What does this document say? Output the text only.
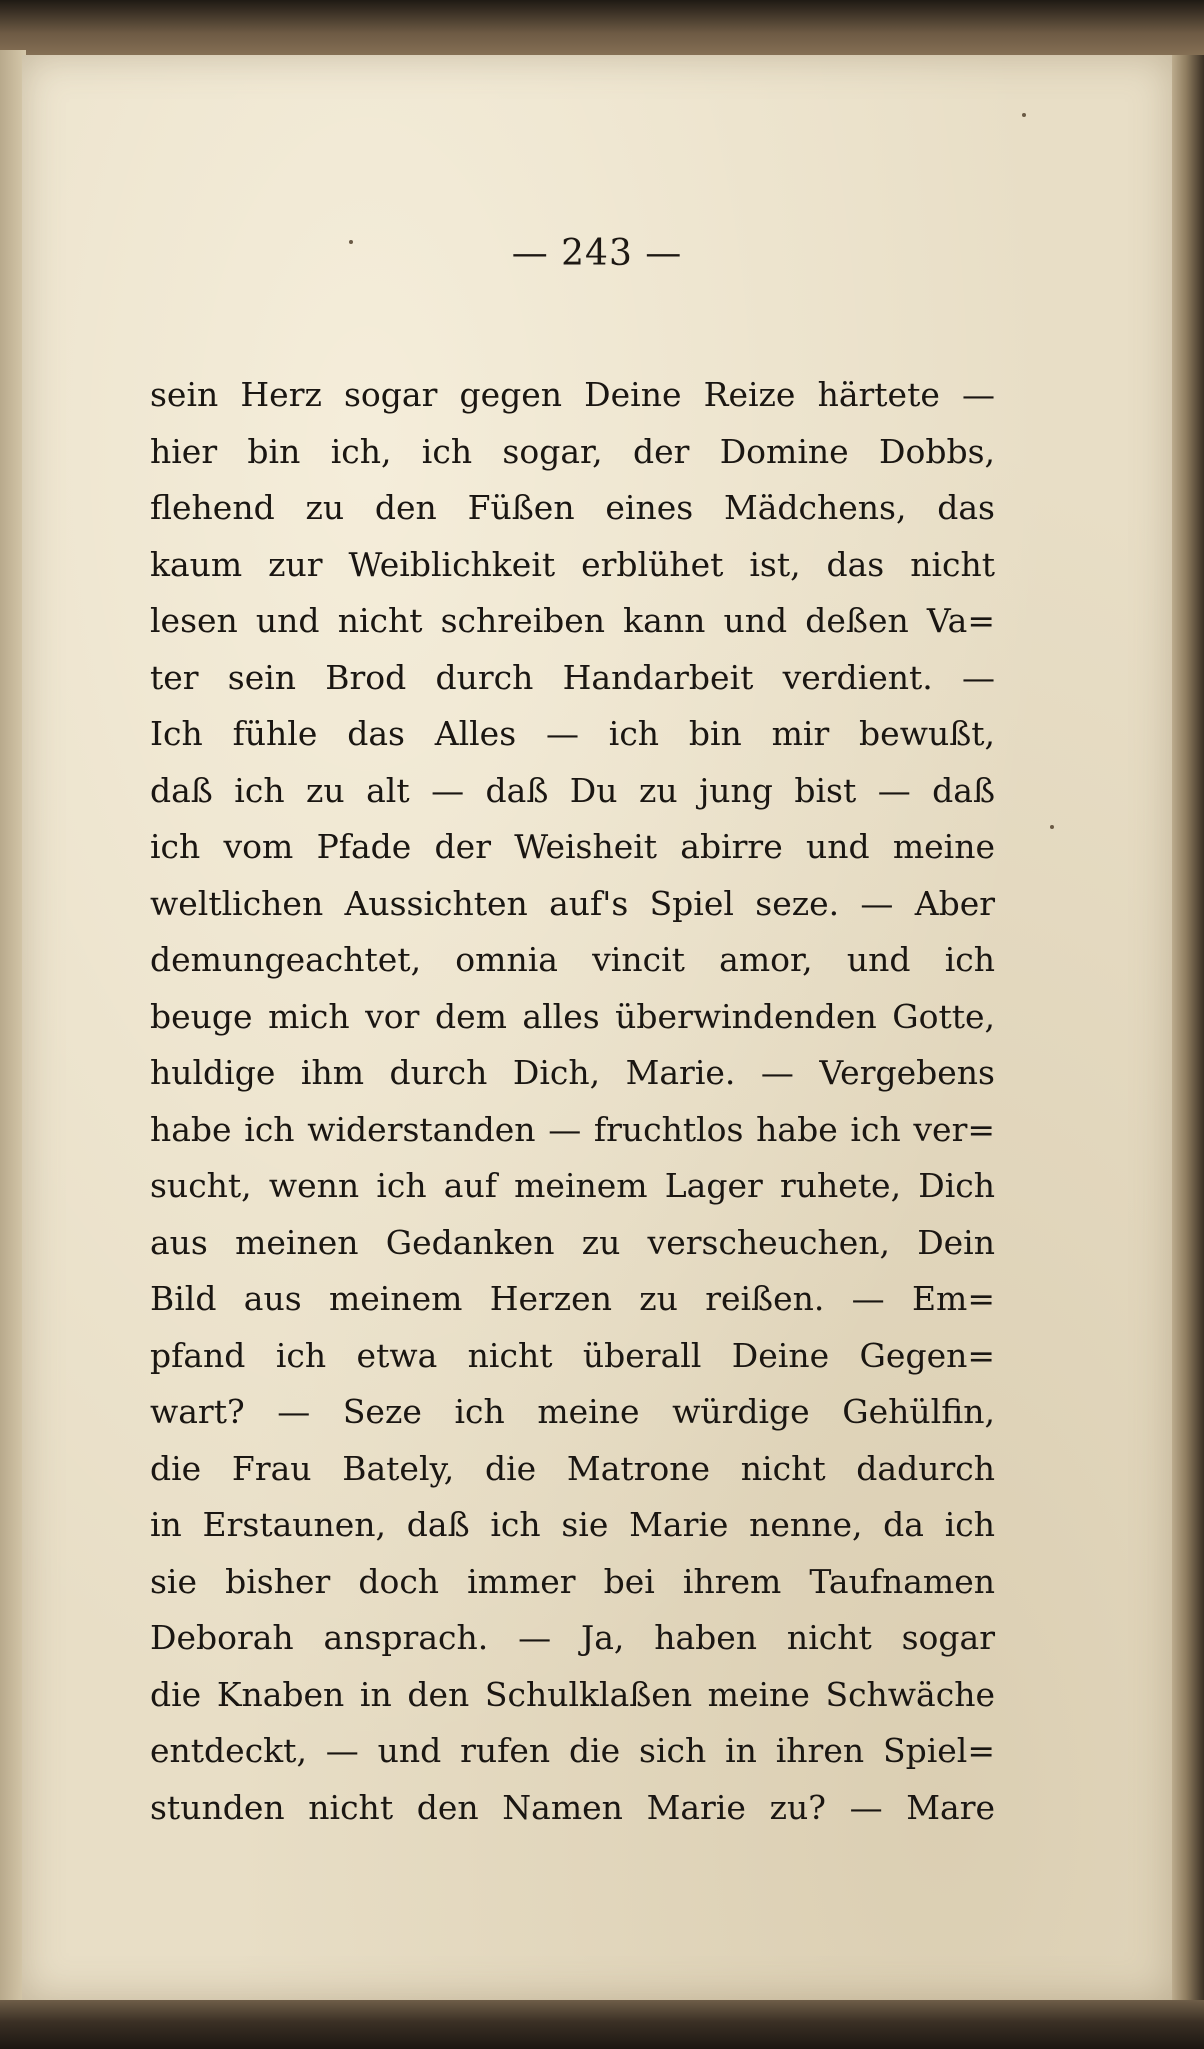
— 243 —
sein Herz sogar gegen Deine Reize härtete —
hier bin ich, ich sogar, der Domine Dobbs,
flehend zu den Füßen eines Mädchens, das
kaum zur Weiblichkeit erblühet ist, das nicht
lesen und nicht schreiben kann und deßen Va=
ter sein Brod durch Handarbeit verdient. —
Ich fühle das Alles — ich bin mir bewußt,
daß ich zu alt — daß Du zu jung bist — daß
ich vom Pfade der Weisheit abirre und meine
weltlichen Aussichten auf's Spiel seze. — Aber
demungeachtet, omnia vincit amor, und ich
beuge mich vor dem alles überwindenden Gotte,
huldige ihm durch Dich, Marie. — Vergebens
habe ich widerstanden — fruchtlos habe ich ver=
sucht, wenn ich auf meinem Lager ruhete, Dich
aus meinen Gedanken zu verscheuchen, Dein
Bild aus meinem Herzen zu reißen. — Em=
pfand ich etwa nicht überall Deine Gegen=
wart? — Seze ich meine würdige Gehülfin,
die Frau Bately, die Matrone nicht dadurch
in Erstaunen, daß ich sie Marie nenne, da ich
sie bisher doch immer bei ihrem Taufnamen
Deborah ansprach. — Ja, haben nicht sogar
die Knaben in den Schulklaßen meine Schwäche
entdeckt, — und rufen die sich in ihren Spiel=
stunden nicht den Namen Marie zu? — Mare
